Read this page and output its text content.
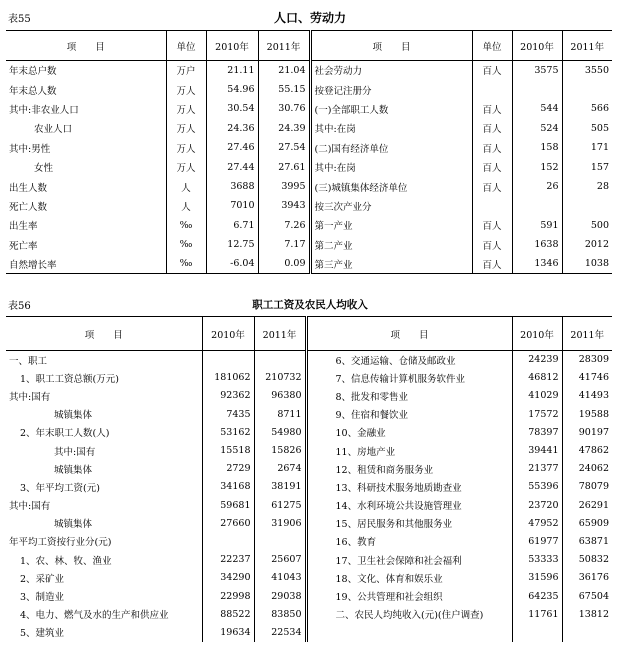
表55	人口、劳动力
项　　目	单位	2010年	2011年	项　　目	单位	2010年	2011年
年末总户数	万户	21.11	21.04	社会劳动力	百人	3575	3550
年末总人数	万人	54.96	55.15	按登记注册分			
其中:非农业人口	万人	30.54	30.76	(一)全部职工人数	百人	544	566
农业人口	万人	24.36	24.39	其中:在岗	百人	524	505
其中:男性	万人	27.46	27.54	(二)国有经济单位	百人	158	171
女性	万人	27.44	27.61	其中:在岗	百人	152	157
出生人数	人	3688	3995	(三)城镇集体经济单位	百人	26	28
死亡人数	人	7010	3943	按三次产业分			
出生率	‰	6.71	7.26	第一产业	百人	591	500
死亡率	‰	12.75	7.17	第二产业	百人	1638	2012
自然增长率	‰	-6.04	0.09	第三产业	百人	1346	1038
表56	职工工资及农民人均收入
项　　目	2010年	2011年	项　　目	2010年	2011年
一、职工			6、交通运输、仓储及邮政业	24239	28309
1、职工工资总额(万元)	181062	210732	7、信息传输计算机服务软件业	46812	41746
其中:国有	92362	96380	8、批发和零售业	41029	41493
城镇集体	7435	8711	9、住宿和餐饮业	17572	19588
2、年末职工人数(人)	53162	54980	10、金融业	78397	90197
其中:国有	15518	15826	11、房地产业	39441	47862
城镇集体	2729	2674	12、租赁和商务服务业	21377	24062
3、年平均工资(元)	34168	38191	13、科研技术服务地质勘查业	55396	78079
其中:国有	59681	61275	14、水利环境公共设施管理业	23720	26291
城镇集体	27660	31906	15、居民服务和其他服务业	47952	65909
年平均工资按行业分(元)			16、教育	61977	63871
1、农、林、牧、渔业	22237	25607	17、卫生社会保障和社会福利	53333	50832
2、采矿业	34290	41043	18、文化、体育和娱乐业	31596	36176
3、制造业	22998	29038	19、公共管理和社会组织	64235	67504
4、电力、燃气及水的生产和供应业	88522	83850	二、农民人均纯收入(元)(住户调查)	11761	13812
5、建筑业	19634	22534			
